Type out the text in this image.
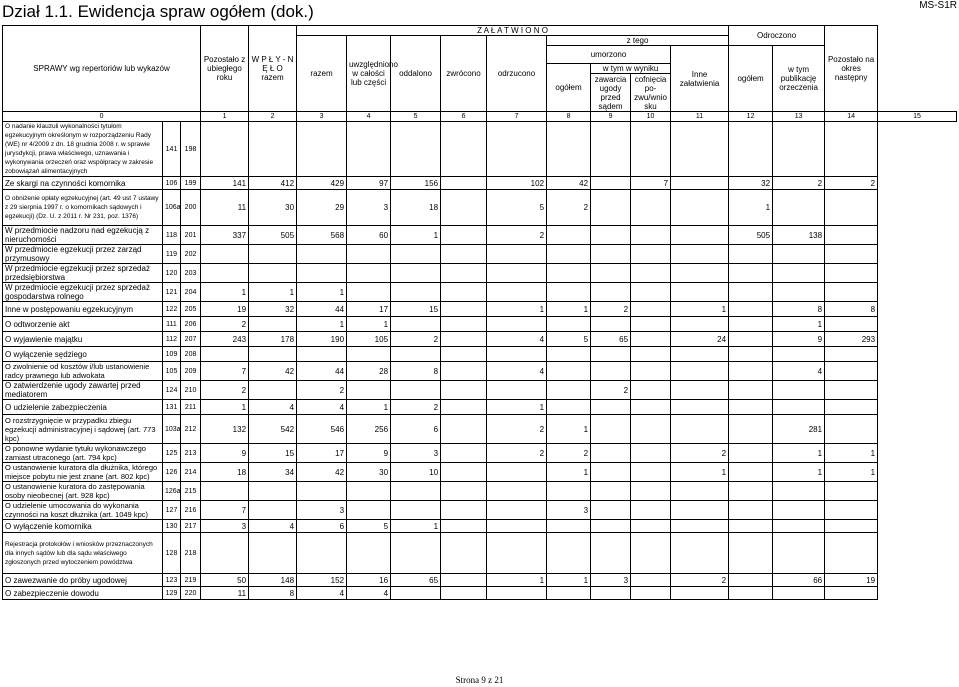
Dział 1.1. Ewidencja spraw ogółem (dok.)	MS-S1R
SPRAWY wg repertoriów lub wykazów			Pozostało z ubiegłego roku	W P Ł Y - N Ę Ł O razem	Z A Ł A T W I O N O									Odroczono		Pozostało na okres następny	
					razem	uwzględniono w całości lub części	oddalono	zwrócono	odrzucono	z tego							
										umorzono			Inne załatwienia	ogółem	w tym publikację orzeczenia		
										ogółem	w tym w wyniku						
											zawarcia ugody przed sądem	cofnięcia po-zwu/wnio sku					
0			1	2	3	4	5	6	7	8	9	10	11	12	13	14	15
O nadanie klauzuli wykonalności tytułom egzekucyjnym określonym w rozporządzeniu Rady (WE) nr 4/2009 z dn. 18 grudnia 2008 r. w sprawie jurysdykcji, prawa właściwego, uznawania i wykonywania orzeczeń oraz współpracy w zakresie zobowiązań alimentacyjnych	141	198															
Ze skargi na czynności komornika	106	199	141	412	429	97	156		102	42		7		32	2	2	
O obniżenie opłaty egzekucyjnej (art. 49 ust 7 ustawy z 29 sierpnia 1997 r. o komornikach sądowych i egzekucji) (Dz. U. z 2011 r. Nr 231, poz. 1376)	106a	200	11	30	29	3	18		5	2				1			
W przedmiocie nadzoru nad egzekucją z nieruchomości	118	201	337	505	568	60	1		2					505	138		
W przedmiocie egzekucji przez zarząd przymusowy	119	202															
W przedmiocie egzekucji przez sprzedaż przedsiębiorstwa	120	203															
W przedmiocie egzekucji przez sprzedaż gospodarstwa rolnego	121	204	1	1	1												
Inne w postępowaniu egzekucyjnym	122	205	19	32	44	17	15		1	1	2		1		8	8	
O odtworzenie akt	111	206	2		1	1									1		
O wyjawienie majątku	112	207	243	178	190	105	2		4	5	65		24		9	293	
O wyłączenie sędziego	109	208															
O zwolnienie od kosztów i/lub ustanowienie radcy prawnego lub adwokata	105	209	7	42	44	28	8		4						4		
O zatwierdzenie ugody zawartej przed mediatorem	124	210	2		2						2						
O udzielenie zabezpieczenia	131	211	1	4	4	1	2		1								
O rozstrzygnięcie w przypadku zbiegu egzekucji administracyjnej i sądowej (art. 773 kpc)	103a	212	132	542	546	256	6		2	1					281		
O ponowne wydanie tytułu wykonawczego zamiast utraconego (art. 794 kpc)	125	213	9	15	17	9	3		2	2			2		1	1	
O ustanowienie kuratora dla dłużnika, którego miejsce pobytu nie jest znane (art. 802 kpc)	126	214	18	34	42	30	10			1			1		1	1	
O ustanowienie kuratora do zastępowania osoby nieobecnej (art. 928 kpc)	126a	215															
O udzielenie umocowania do wykonania czynności na koszt dłużnika (art. 1049 kpc)	127	216	7		3					3							
O wyłączenie komornika	130	217	3	4	6	5	1										
Rejestracja protokołów i wniosków przeznaczonych dla innych sądów lub dla sądu właściwego zgłoszonych przed wytoczeniem powództwa	128	218															
O zawezwanie do próby ugodowej	123	219	50	148	152	16	65		1	1	3		2		66	19	
O zabezpieczenie dowodu	129	220	11	8	4	4											
Strona 9 z 21
